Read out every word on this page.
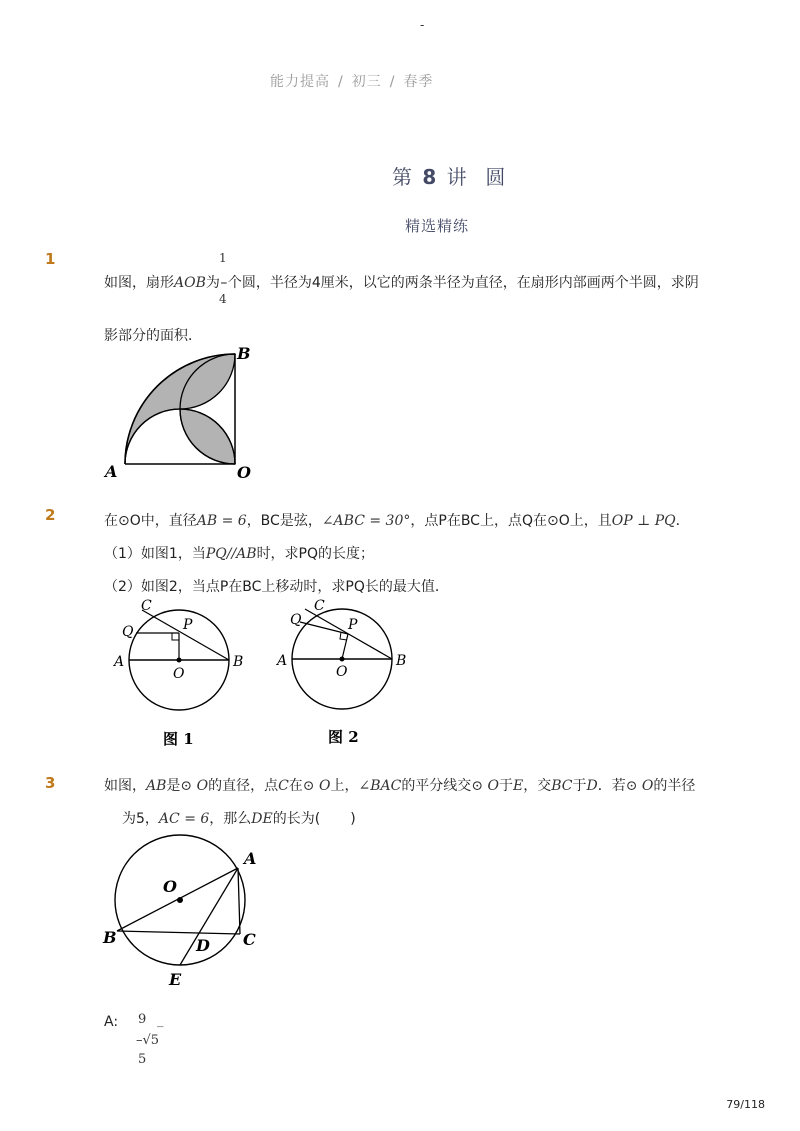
-
能力提高 / 初三 / 春季
第 8 讲 圆
精选精练
1	1
4
如图，扇形AOB为–个圆，半径为4厘米，以它的两条半径为直径，在扇形内部画两个半圆，求阴
影部分的面积．
A	O
B
2	在⊙O中，直径AB = 6，BC是弦，∠ABC = 30°，点P在BC上，点Q在⊙O上，且OP ⊥ PQ．
（1）如图1，当PQ//AB时，求PQ的长度；
（2）如图2，当点P在BC上移动时，求PQ长的最大值．
C
Q	P
A	B
O
图 1
C
Q	P
A	B
O
图 2
3	如图，AB是⊙ O的直径，点C在⊙ O上，∠BAC的平分线交⊙ O于E，交BC于D．若⊙ O的半径
为5，AC = 6，那么DE的长为( )
A
O
B	C
D
E
A: 9 _
–√5
5
79/118
